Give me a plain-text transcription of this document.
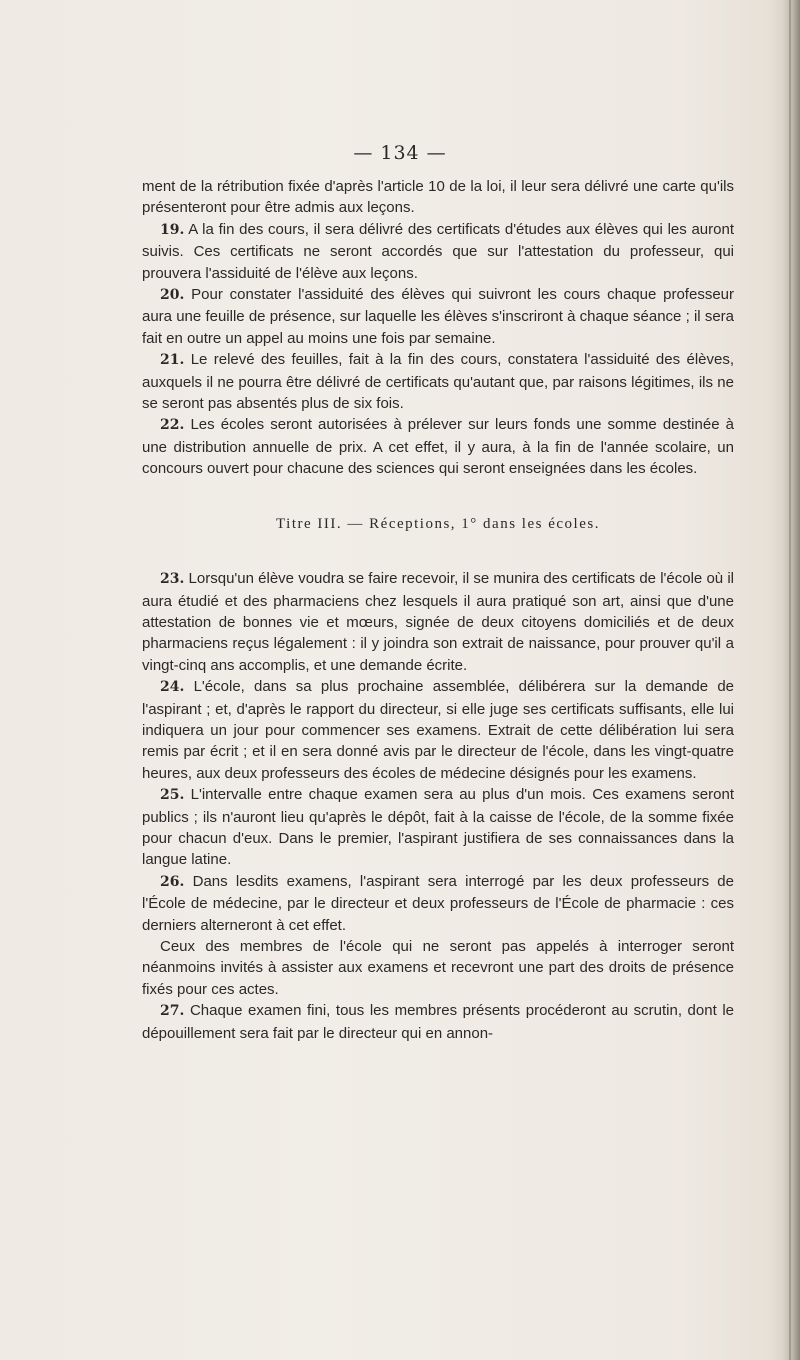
— 134 —

ment de la rétribution fixée d'après l'article 10 de la loi, il leur sera délivré une carte qu'ils présenteront pour être admis aux leçons.

19. A la fin des cours, il sera délivré des certificats d'études aux élèves qui les auront suivis. Ces certificats ne seront accordés que sur l'attestation du professeur, qui prouvera l'assiduité de l'élève aux leçons.

20. Pour constater l'assiduité des élèves qui suivront les cours chaque professeur aura une feuille de présence, sur laquelle les élèves s'inscriront à chaque séance ; il sera fait en outre un appel au moins une fois par semaine.

21. Le relevé des feuilles, fait à la fin des cours, constatera l'assiduité des élèves, auxquels il ne pourra être délivré de certificats qu'autant que, par raisons légitimes, ils ne se seront pas absentés plus de six fois.

22. Les écoles seront autorisées à prélever sur leurs fonds une somme destinée à une distribution annuelle de prix. A cet effet, il y aura, à la fin de l'année scolaire, un concours ouvert pour chacune des sciences qui seront enseignées dans les écoles.

Titre III. — Réceptions, 1° dans les écoles.

23. Lorsqu'un élève voudra se faire recevoir, il se munira des certificats de l'école où il aura étudié et des pharmaciens chez lesquels il aura pratiqué son art, ainsi que d'une attestation de bonnes vie et mœurs, signée de deux citoyens domiciliés et de deux pharmaciens reçus légalement : il y joindra son extrait de naissance, pour prouver qu'il a vingt-cinq ans accomplis, et une demande écrite.

24. L'école, dans sa plus prochaine assemblée, délibérera sur la demande de l'aspirant ; et, d'après le rapport du directeur, si elle juge ses certificats suffisants, elle lui indiquera un jour pour commencer ses examens. Extrait de cette délibération lui sera remis par écrit ; et il en sera donné avis par le directeur de l'école, dans les vingt-quatre heures, aux deux professeurs des écoles de médecine désignés pour les examens.

25. L'intervalle entre chaque examen sera au plus d'un mois. Ces examens seront publics ; ils n'auront lieu qu'après le dépôt, fait à la caisse de l'école, de la somme fixée pour chacun d'eux. Dans le premier, l'aspirant justifiera de ses connaissances dans la langue latine.

26. Dans lesdits examens, l'aspirant sera interrogé par les deux professeurs de l'École de médecine, par le directeur et deux professeurs de l'École de pharmacie : ces derniers alterneront à cet effet.

Ceux des membres de l'école qui ne seront pas appelés à interroger seront néanmoins invités à assister aux examens et recevront une part des droits de présence fixés pour ces actes.

27. Chaque examen fini, tous les membres présents procéderont au scrutin, dont le dépouillement sera fait par le directeur qui en annon-
